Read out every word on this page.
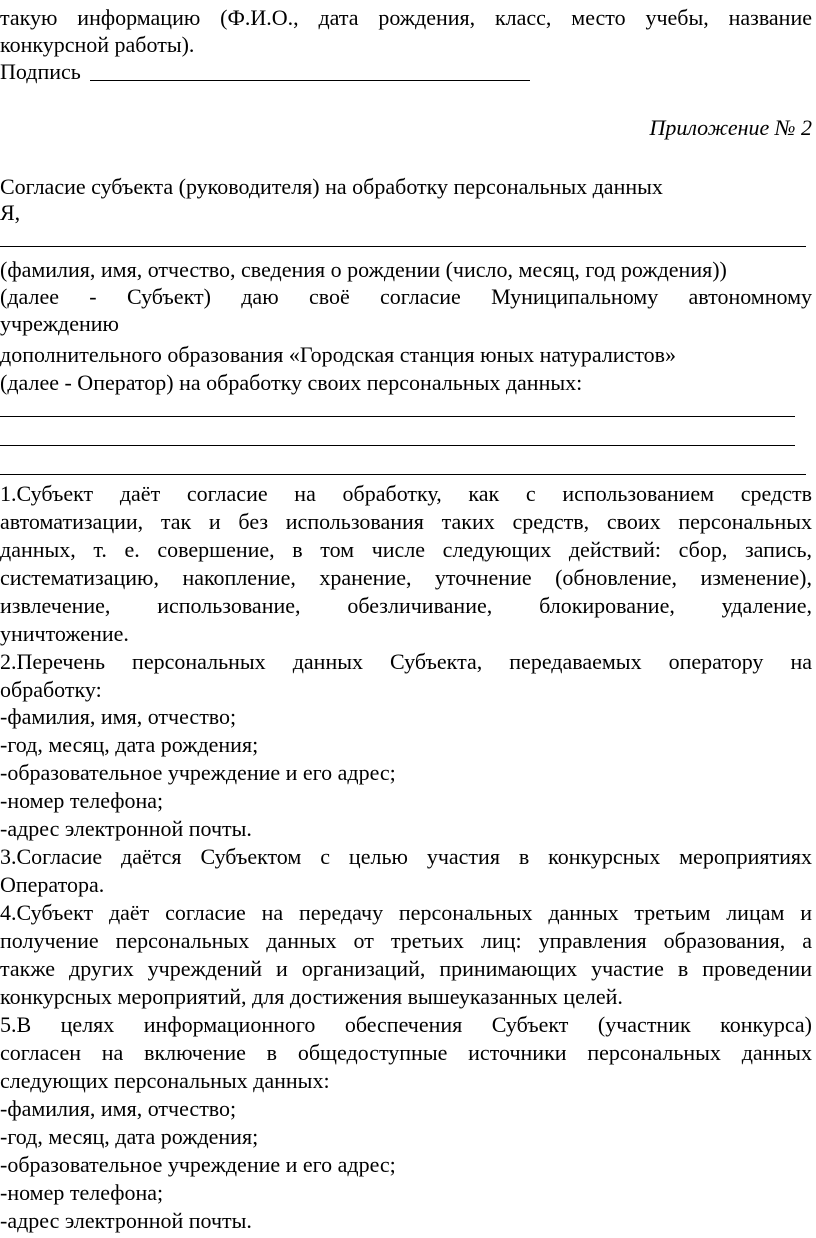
такую информацию (Ф.И.О., дата рождения, класс, место учебы, название
конкурсной работы).
Подпись
Приложение № 2
Согласие субъекта (руководителя) на обработку персональных данных
Я,
(фамилия, имя, отчество, сведения о рождении (число, месяц, год рождения))
(далее - Субъект) даю своё согласие Муниципальному автономному
учреждению
дополнительного образования «Городская станция юных натуралистов»
(далее - Оператор) на обработку своих персональных данных:
1.Субъект даёт согласие на обработку, как с использованием средств
автоматизации, так и без использования таких средств, своих персональных
данных, т. е. совершение, в том числе следующих действий: сбор, запись,
систематизацию, накопление, хранение, уточнение (обновление, изменение),
извлечение, использование, обезличивание, блокирование, удаление,
уничтожение.
2.Перечень персональных данных Субъекта, передаваемых оператору на
обработку:
-фамилия, имя, отчество;
-год, месяц, дата рождения;
-образовательное учреждение и его адрес;
-номер телефона;
-адрес электронной почты.
3.Согласие даётся Субъектом с целью участия в конкурсных мероприятиях
Оператора.
4.Субъект даёт согласие на передачу персональных данных третьим лицам и
получение персональных данных от третьих лиц: управления образования, а
также других учреждений и организаций, принимающих участие в проведении
конкурсных мероприятий, для достижения вышеуказанных целей.
5.В целях информационного обеспечения Субъект (участник конкурса)
согласен на включение в общедоступные источники персональных данных
следующих персональных данных:
-фамилия, имя, отчество;
-год, месяц, дата рождения;
-образовательное учреждение и его адрес;
-номер телефона;
-адрес электронной почты.
